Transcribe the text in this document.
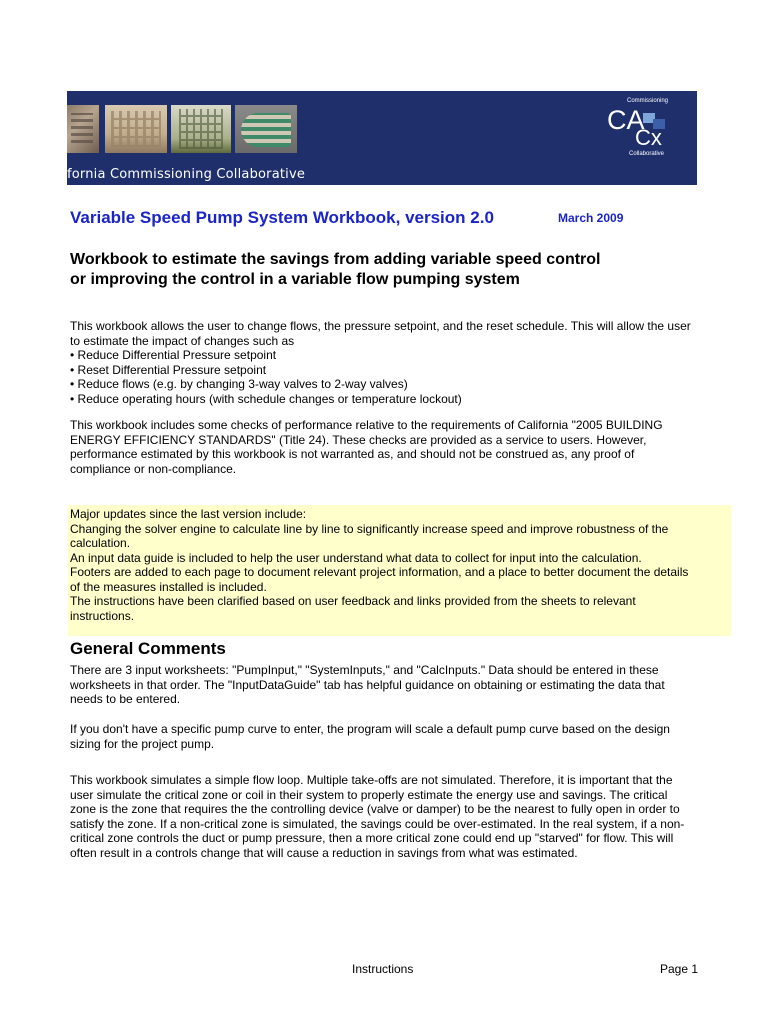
fornia Commissioning Collaborative
Commissioning
CA
Cx
Collaborative
Variable Speed Pump System Workbook, version 2.0	March 2009
Workbook to estimate the savings from adding variable speed control
or improving the control in a variable flow pumping system
This workbook allows the user to change flows, the pressure setpoint, and the reset schedule. This will allow the user
to estimate the impact of changes such as
• Reduce Differential Pressure setpoint
• Reset Differential Pressure setpoint
• Reduce flows (e.g. by changing 3-way valves to 2-way valves)
• Reduce operating hours (with schedule changes or temperature lockout)
This workbook includes some checks of performance relative to the requirements of California "2005 BUILDING
ENERGY EFFICIENCY STANDARDS" (Title 24). These checks are provided as a service to users. However,
performance estimated by this workbook is not warranted as, and should not be construed as, any proof of
compliance or non-compliance.
Major updates since the last version include:
Changing the solver engine to calculate line by line to significantly increase speed and improve robustness of the
calculation.
An input data guide is included to help the user understand what data to collect for input into the calculation.
Footers are added to each page to document relevant project information, and a place to better document the details
of the measures installed is included.
The instructions have been clarified based on user feedback and links provided from the sheets to relevant
instructions.
General Comments
There are 3 input worksheets: "PumpInput," "SystemInputs," and "CalcInputs." Data should be entered in these
worksheets in that order. The "InputDataGuide" tab has helpful guidance on obtaining or estimating the data that
needs to be entered.
If you don't have a specific pump curve to enter, the program will scale a default pump curve based on the design
sizing for the project pump.
This workbook simulates a simple flow loop. Multiple take-offs are not simulated. Therefore, it is important that the
user simulate the critical zone or coil in their system to properly estimate the energy use and savings. The critical
zone is the zone that requires the the controlling device (valve or damper) to be the nearest to fully open in order to
satisfy the zone. If a non-critical zone is simulated, the savings could be over-estimated. In the real system, if a non-
critical zone controls the duct or pump pressure, then a more critical zone could end up "starved" for flow. This will
often result in a controls change that will cause a reduction in savings from what was estimated.
Instructions	Page 1
